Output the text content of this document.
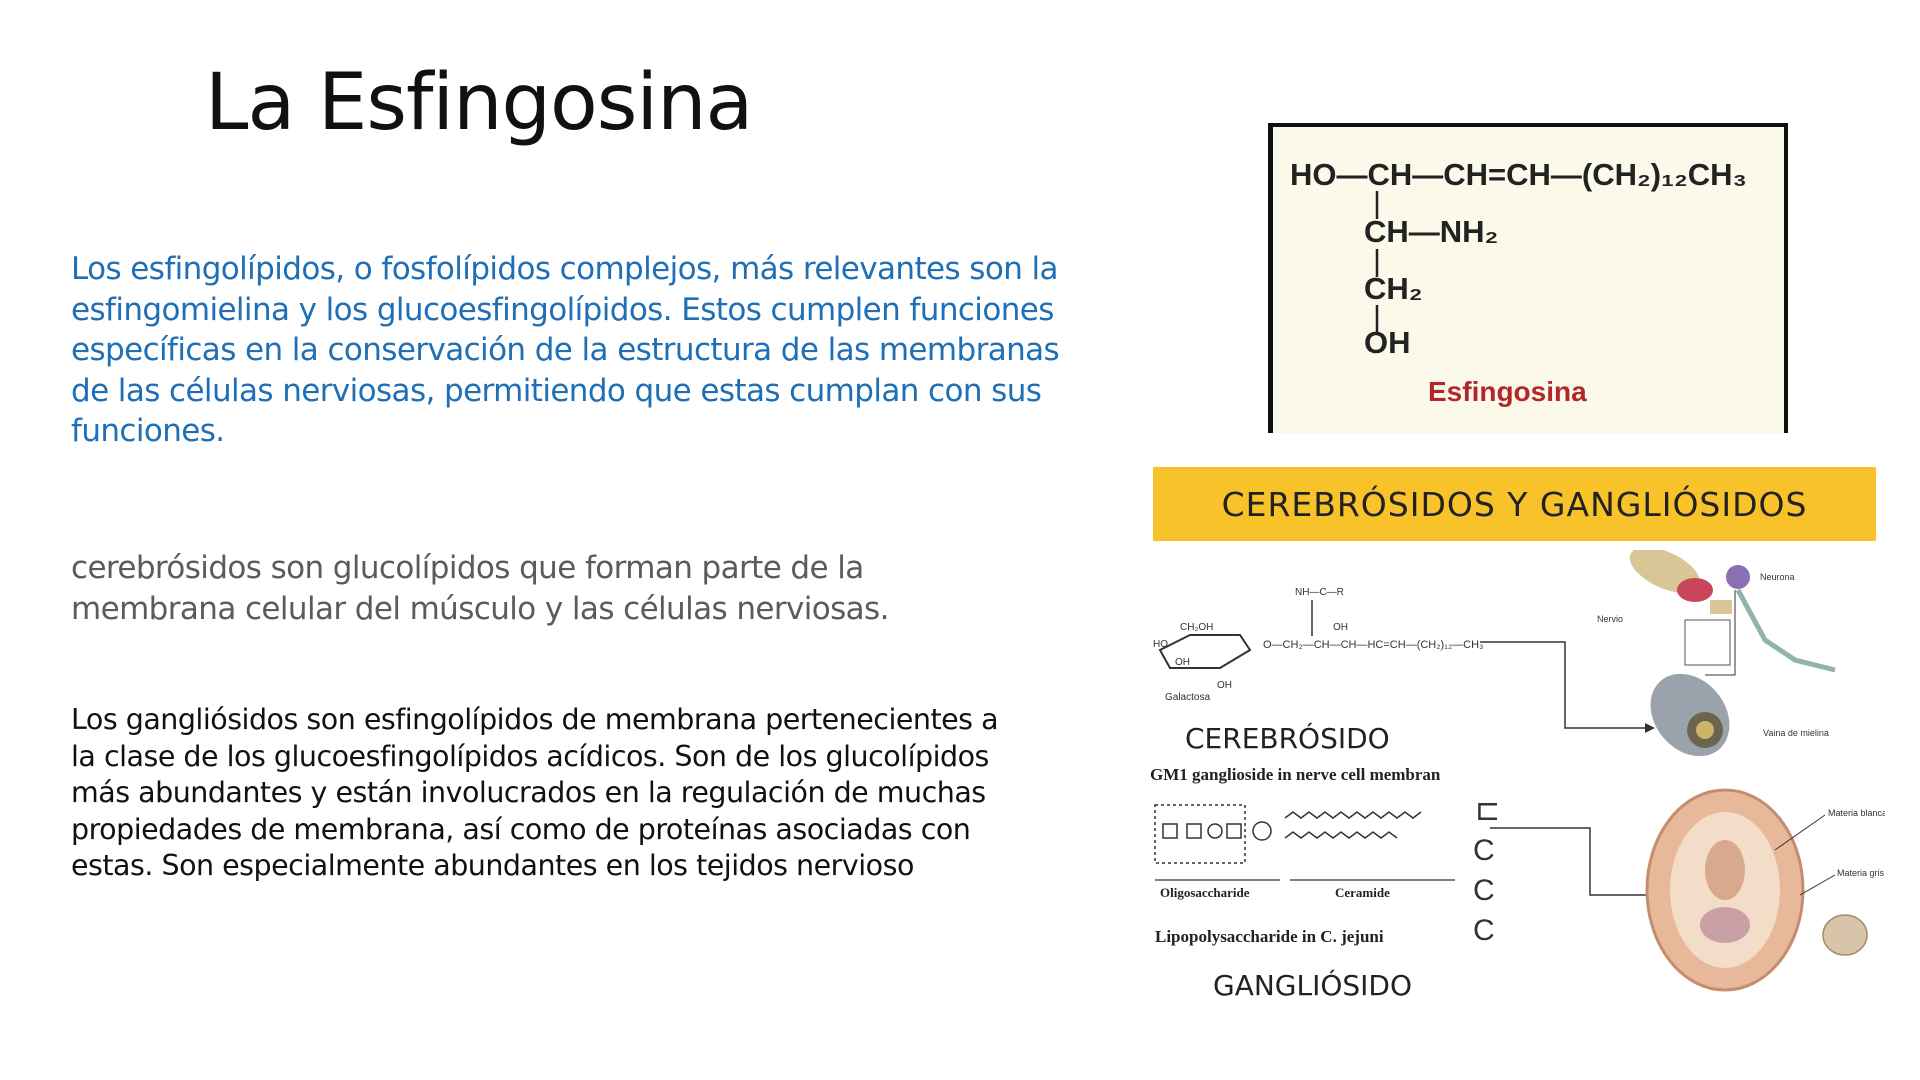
La Esfingosina

Los esfingolípidos, o fosfolípidos complejos, más relevantes son la esfingomielina y los glucoesfingolípidos. Estos cumplen funciones específicas en la conservación de la estructura de las membranas de las células nerviosas, permitiendo que estas cumplan con sus funciones.

cerebrósidos son glucolípidos que forman parte de la membrana celular del músculo y las células nerviosas.

Los gangliósidos son esfingolípidos de membrana pertenecientes a la clase de los glucoesfingolípidos acídicos. Son de los glucolípidos más abundantes y están involucrados en la regulación de muchas propiedades de membrana, así como de proteínas asociadas con estas. Son especialmente abundantes en los tejidos nervioso

HO—CH—CH=CH—(CH₂)₁₂CH₃
CH—NH₂
CH₂
OH
Esfingosina
CEREBRÓSIDOS Y GANGLIÓSIDOS
CH₂OH
HO
OH
OH
Galactosa
O—CH₂—CH—CH—HC=CH—(CH₂)₁₂—CH₃
NH—C—R
OH
CEREBRÓSIDO
GM1 ganglioside in nerve cell membran
Oligosaccharide	Ceramide
Lipopolysaccharide in C. jejuni
⊏
C
C
C
GANGLIÓSIDO
Nervio
Neurona
Vaina de mielina
Materia blanca
Materia gris
